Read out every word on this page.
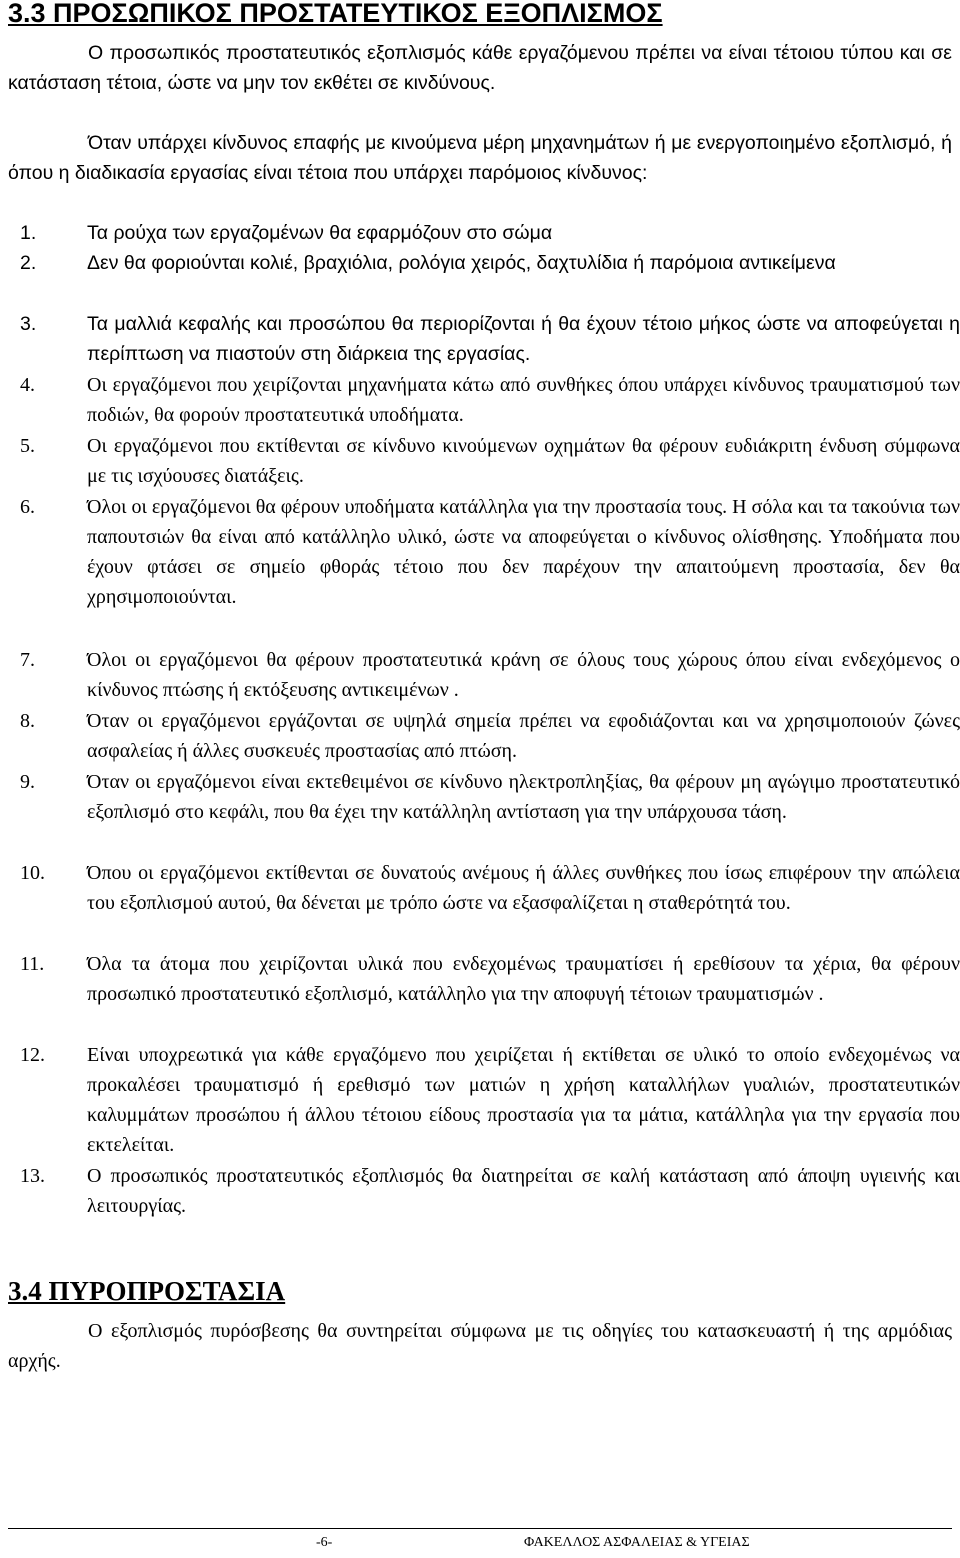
3.3 ΠΡΟΣΩΠΙΚΟΣ ΠΡΟΣΤΑΤΕΥΤΙΚΟΣ ΕΞΟΠΛΙΣΜΟΣ
Ο προσωπικός προστατευτικός εξοπλισμός κάθε εργαζόμενου πρέπει να είναι τέτοιου τύπου και σε κατάσταση τέτοια, ώστε να μην τον εκθέτει σε κινδύνους.
Όταν υπάρχει κίνδυνος επαφής με κινούμενα μέρη μηχανημάτων ή με ενεργοποιημένο εξοπλισμό, ή όπου η διαδικασία εργασίας είναι τέτοια που υπάρχει παρόμοιος κίνδυνος:
1.	Τα ρούχα των εργαζομένων θα εφαρμόζουν στο σώμα
2.	Δεν θα φοριούνται κολιέ, βραχιόλια, ρολόγια χειρός, δαχτυλίδια ή παρόμοια αντικείμενα
3.	Τα μαλλιά κεφαλής και προσώπου θα περιορίζονται ή θα έχουν τέτοιο μήκος ώστε να αποφεύγεται η περίπτωση να πιαστούν στη διάρκεια της εργασίας.
4.	Οι εργαζόμενοι που χειρίζονται μηχανήματα κάτω από συνθήκες όπου υπάρχει κίνδυνος τραυματισμού των ποδιών, θα φορούν προστατευτικά υποδήματα.
5.	Οι εργαζόμενοι που εκτίθενται σε κίνδυνο κινούμενων οχημάτων θα φέρουν ευδιάκριτη ένδυση σύμφωνα με τις ισχύουσες διατάξεις.
6.	Όλοι οι εργαζόμενοι θα φέρουν υποδήματα κατάλληλα για την προστασία τους. Η σόλα και τα τακούνια των παπουτσιών θα είναι από κατάλληλο υλικό, ώστε να αποφεύγεται ο κίνδυνος ολίσθησης. Υποδήματα που έχουν φτάσει σε σημείο φθοράς τέτοιο που δεν παρέχουν την απαιτούμενη προστασία, δεν θα χρησιμοποιούνται.
7.	Όλοι οι εργαζόμενοι θα φέρουν προστατευτικά κράνη σε όλους τους χώρους όπου είναι ενδεχόμενος ο κίνδυνος πτώσης ή εκτόξευσης αντικειμένων .
8.	Όταν οι εργαζόμενοι εργάζονται σε υψηλά σημεία πρέπει να εφοδιάζονται και να χρησιμοποιούν ζώνες ασφαλείας ή άλλες συσκευές προστασίας από πτώση.
9.	Όταν οι εργαζόμενοι είναι εκτεθειμένοι σε κίνδυνο ηλεκτροπληξίας, θα φέρουν μη αγώγιμο προστατευτικό εξοπλισμό στο κεφάλι, που θα έχει την κατάλληλη αντίσταση για την υπάρχουσα τάση.
10. Όπου οι εργαζόμενοι εκτίθενται σε δυνατούς ανέμους ή άλλες συνθήκες που ίσως επιφέρουν την απώλεια του εξοπλισμού αυτού, θα δένεται με τρόπο ώστε να εξασφαλίζεται η σταθερότητά του.
11. Όλα τα άτομα που χειρίζονται υλικά που ενδεχομένως τραυματίσει ή ερεθίσουν τα χέρια, θα φέρουν προσωπικό προστατευτικό εξοπλισμό, κατάλληλο για την αποφυγή τέτοιων τραυματισμών .
12. Είναι υποχρεωτικά για κάθε εργαζόμενο που χειρίζεται ή εκτίθεται σε υλικό το οποίο ενδεχομένως να προκαλέσει τραυματισμό ή ερεθισμό των ματιών η χρήση καταλλήλων γυαλιών, προστατευτικών καλυμμάτων προσώπου ή άλλου τέτοιου είδους προστασία για τα μάτια, κατάλληλα για την εργασία που εκτελείται.
13. Ο προσωπικός προστατευτικός εξοπλισμός θα διατηρείται σε καλή κατάσταση από άποψη υγιεινής και λειτουργίας.
3.4 ΠΥΡΟΠΡΟΣΤΑΣΙΑ
Ο εξοπλισμός πυρόσβεσης θα συντηρείται σύμφωνα με τις οδηγίες του κατασκευαστή ή της αρμόδιας αρχής.
-6-	ΦΑΚΕΛΛΟΣ ΑΣΦΑΛΕΙΑΣ & ΥΓΕΙΑΣ
